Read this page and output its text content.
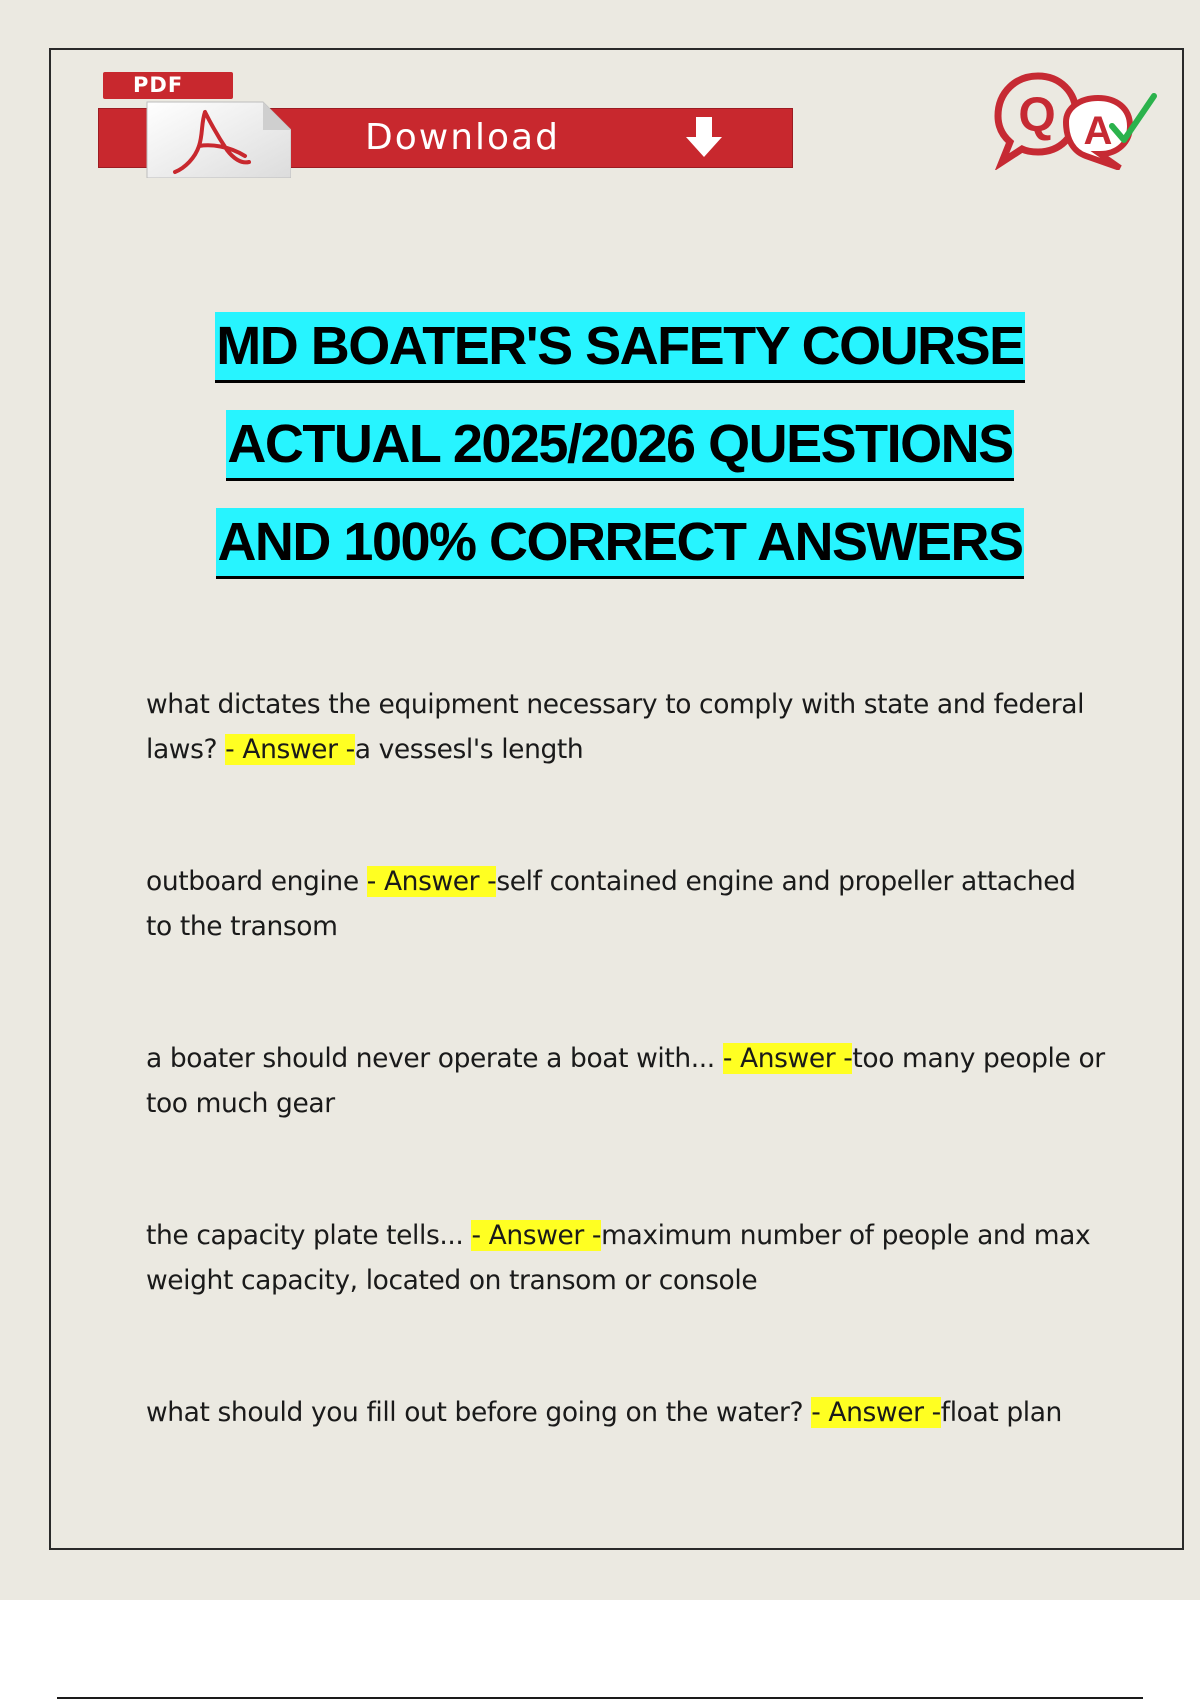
PDF
Download	Q A
MD BOATER'S SAFETY COURSE
ACTUAL 2025/2026 QUESTIONS
AND 100% CORRECT ANSWERS
what dictates the equipment necessary to comply with state and federal laws? - Answer -a vessesl's length
outboard engine - Answer -self contained engine and propeller attached to the transom
a boater should never operate a boat with... - Answer -too many people or too much gear
the capacity plate tells... - Answer -maximum number of people and max weight capacity, located on transom or console
what should you fill out before going on the water? - Answer -float plan
